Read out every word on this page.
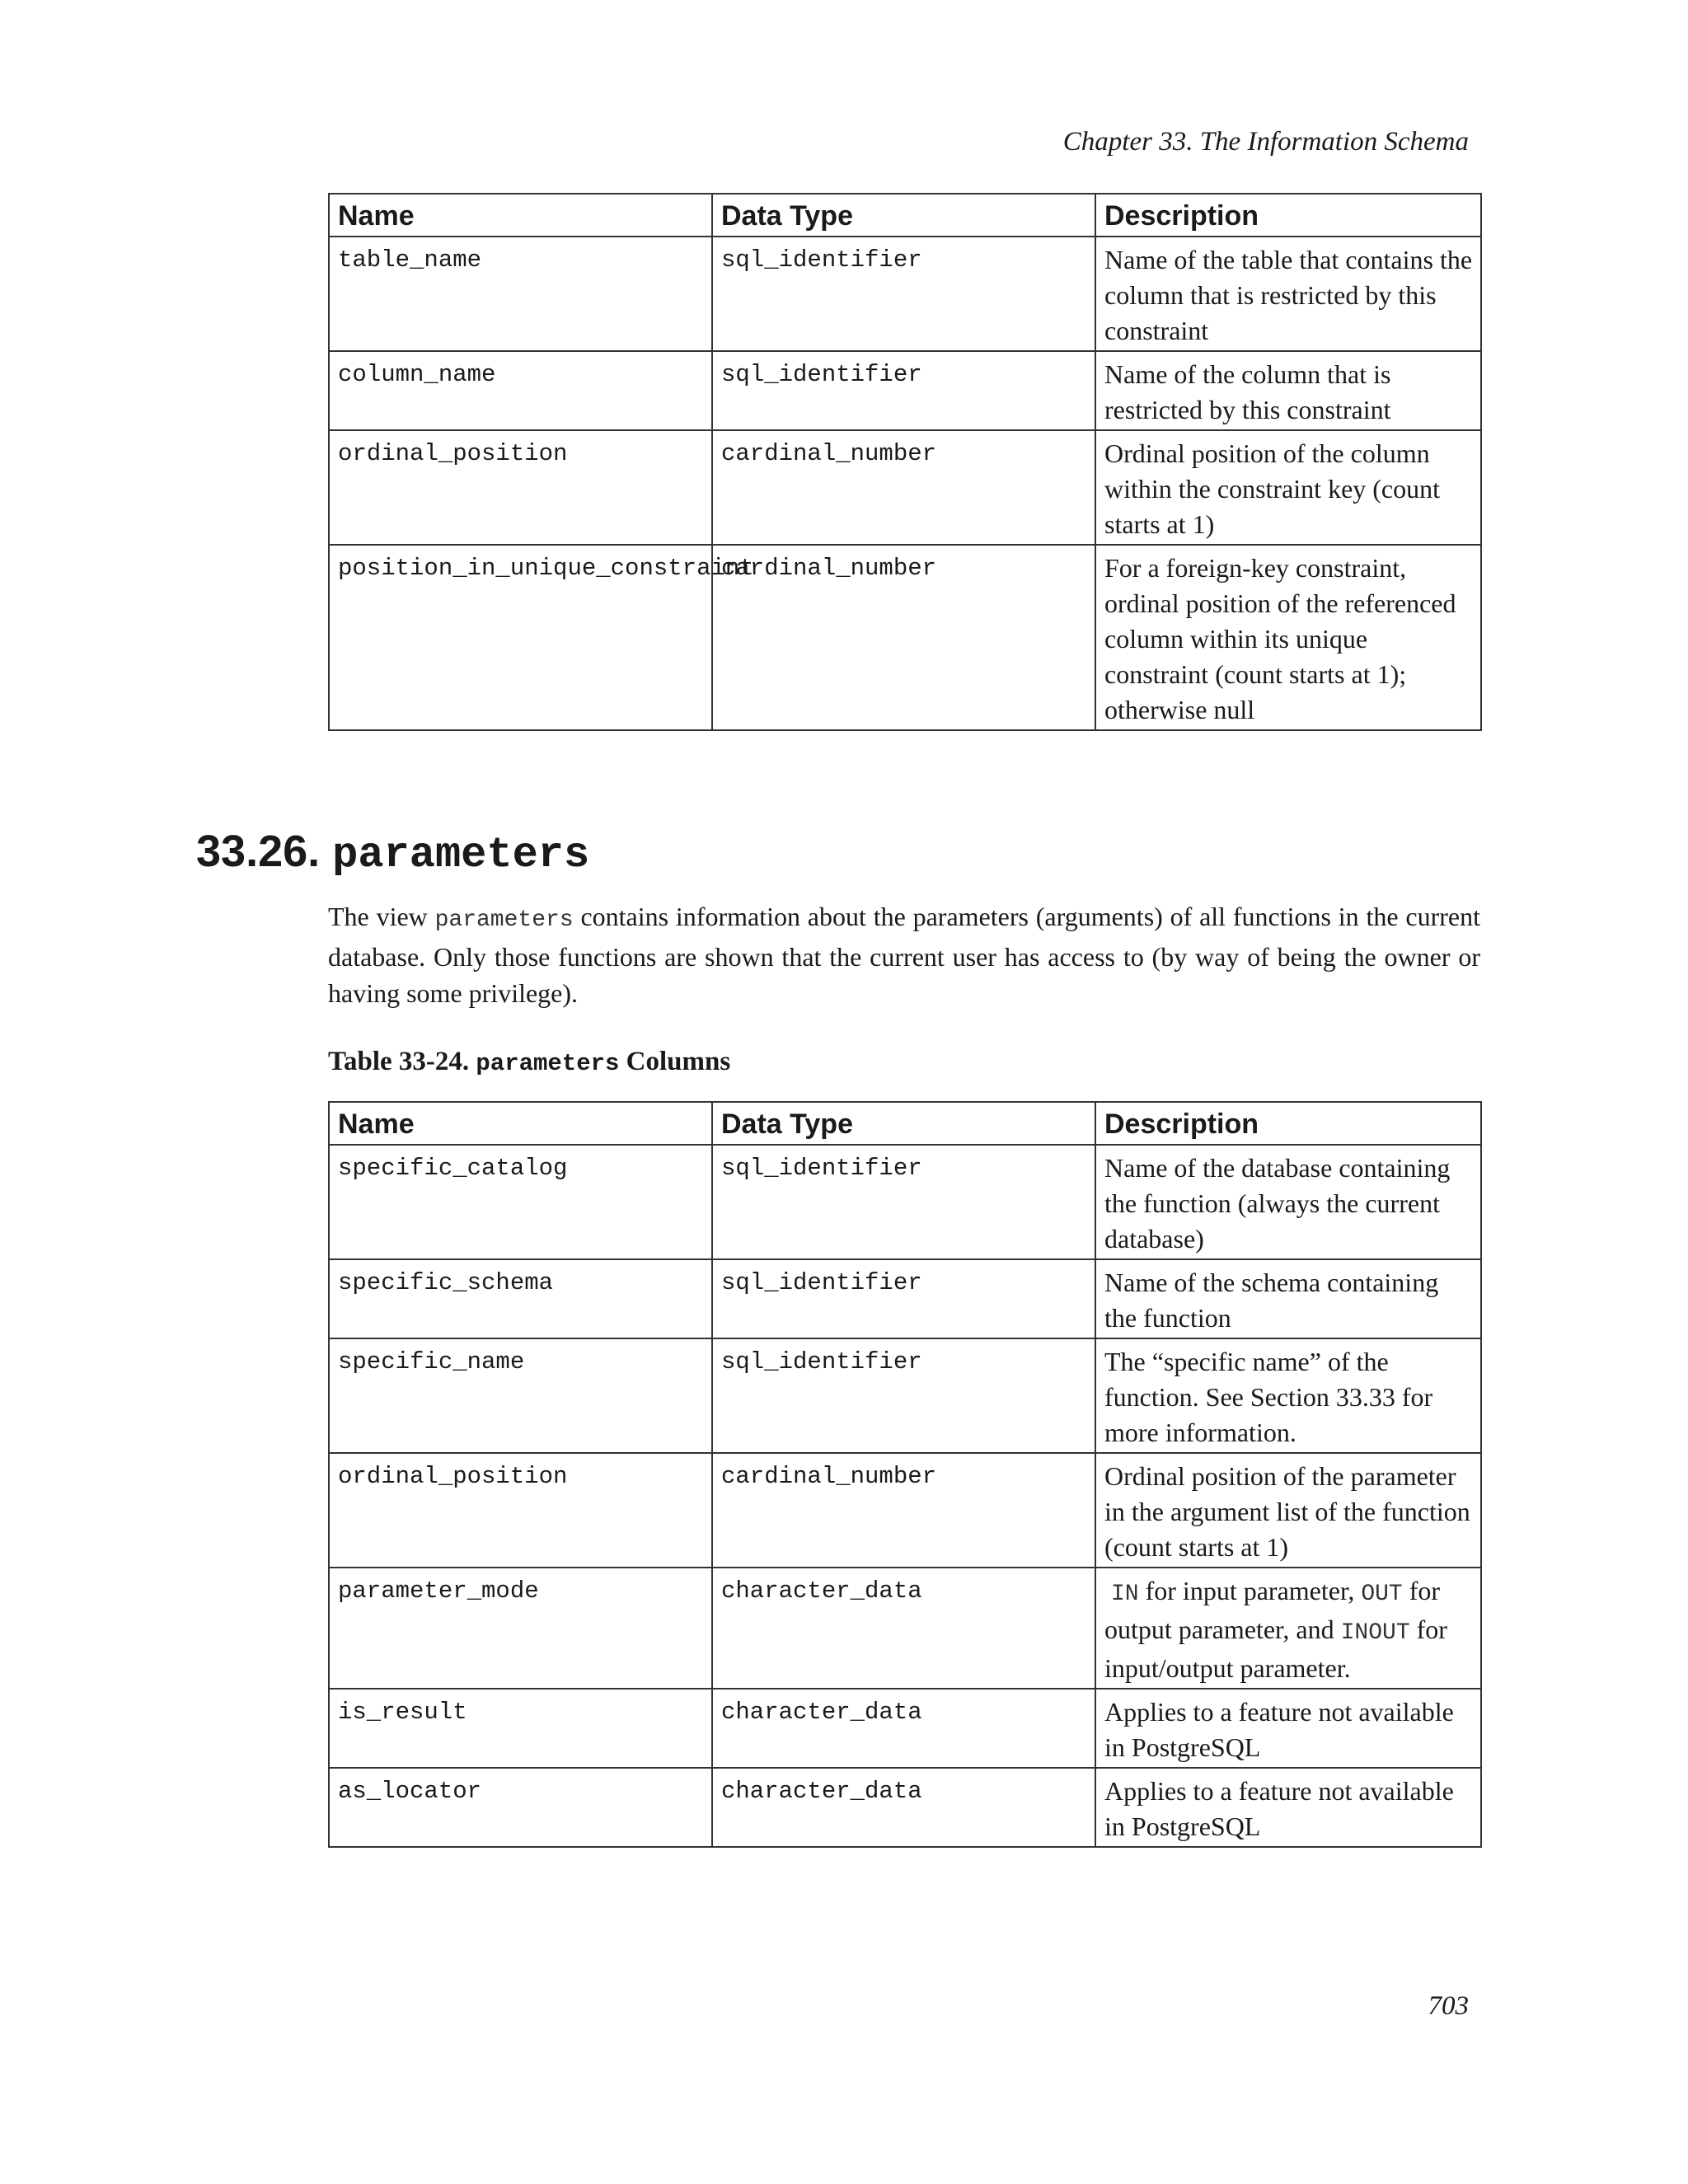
Chapter 33. The Information Schema
Name	Data Type	Description
table_name	sql_identifier	Name of the table that contains the column that is restricted by this constraint
column_name	sql_identifier	Name of the column that is restricted by this constraint
ordinal_position	cardinal_number	Ordinal position of the column within the constraint key (count starts at 1)
position_in_unique_constraint	cardinal_number	For a foreign-key constraint, ordinal position of the referenced column within its unique constraint (count starts at 1); otherwise null
33.26. parameters

The view parameters contains information about the parameters (arguments) of all functions in the current database. Only those functions are shown that the current user has access to (by way of being the owner or having some privilege).

Table 33-24. parameters Columns

Name	Data Type	Description
specific_catalog	sql_identifier	Name of the database containing the function (always the current database)
specific_schema	sql_identifier	Name of the schema containing the function
specific_name	sql_identifier	The “specific name” of the function. See Section 33.33 for more information.
ordinal_position	cardinal_number	Ordinal position of the parameter in the argument list of the function (count starts at 1)
parameter_mode	character_data	IN for input parameter, OUT for output parameter, and INOUT for input/output parameter.
is_result	character_data	Applies to a feature not available in PostgreSQL
as_locator	character_data	Applies to a feature not available in PostgreSQL
703
